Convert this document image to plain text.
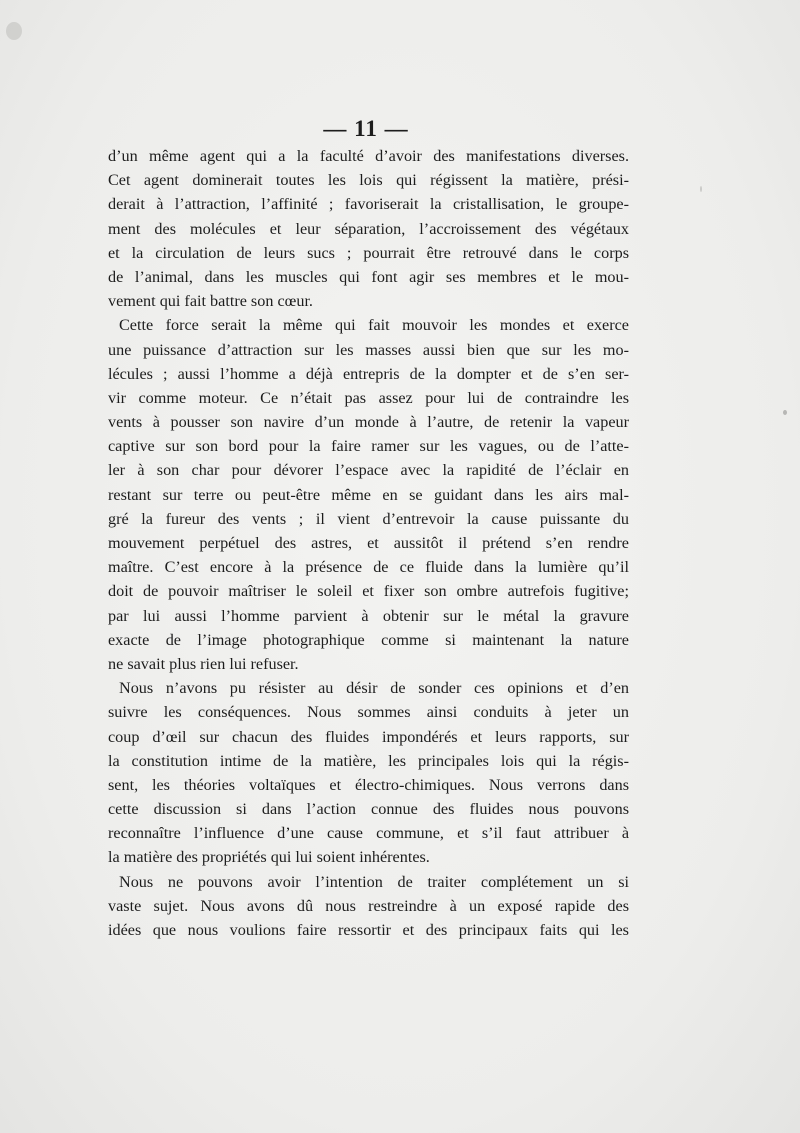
— 11 —
d’un même agent qui a la faculté d’avoir des manifestations diverses.
Cet agent dominerait toutes les lois qui régissent la matière, prési-
derait à l’attraction, l’affinité ; favoriserait la cristallisation, le groupe-
ment des molécules et leur séparation, l’accroissement des végétaux
et la circulation de leurs sucs ; pourrait être retrouvé dans le corps
de l’animal, dans les muscles qui font agir ses membres et le mou-
vement qui fait battre son cœur.
Cette force serait la même qui fait mouvoir les mondes et exerce
une puissance d’attraction sur les masses aussi bien que sur les mo-
lécules ; aussi l’homme a déjà entrepris de la dompter et de s’en ser-
vir comme moteur. Ce n’était pas assez pour lui de contraindre les
vents à pousser son navire d’un monde à l’autre, de retenir la vapeur
captive sur son bord pour la faire ramer sur les vagues, ou de l’atte-
ler à son char pour dévorer l’espace avec la rapidité de l’éclair en
restant sur terre ou peut-être même en se guidant dans les airs mal-
gré la fureur des vents ; il vient d’entrevoir la cause puissante du
mouvement perpétuel des astres, et aussitôt il prétend s’en rendre
maître. C’est encore à la présence de ce fluide dans la lumière qu’il
doit de pouvoir maîtriser le soleil et fixer son ombre autrefois fugitive;
par lui aussi l’homme parvient à obtenir sur le métal la gravure
exacte de l’image photographique comme si maintenant la nature
ne savait plus rien lui refuser.
Nous n’avons pu résister au désir de sonder ces opinions et d’en
suivre les conséquences. Nous sommes ainsi conduits à jeter un
coup d’œil sur chacun des fluides impondérés et leurs rapports, sur
la constitution intime de la matière, les principales lois qui la régis-
sent, les théories voltaïques et électro-chimiques. Nous verrons dans
cette discussion si dans l’action connue des fluides nous pouvons
reconnaître l’influence d’une cause commune, et s’il faut attribuer à
la matière des propriétés qui lui soient inhérentes.
Nous ne pouvons avoir l’intention de traiter complétement un si
vaste sujet. Nous avons dû nous restreindre à un exposé rapide des
idées que nous voulions faire ressortir et des principaux faits qui les
